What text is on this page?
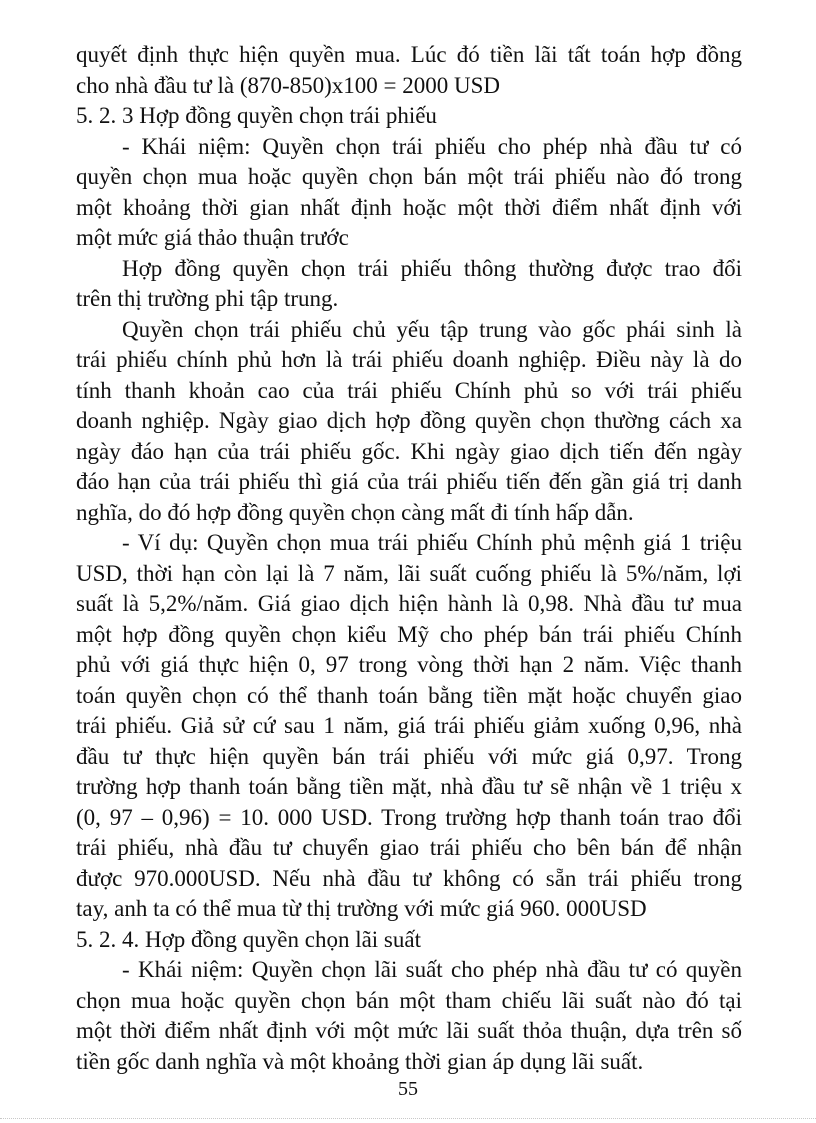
quyết định thực hiện quyền mua. Lúc đó tiền lãi tất toán hợp đồng
cho nhà đầu tư là (870-850)x100 = 2000 USD
5. 2. 3 Hợp đồng quyền chọn trái phiếu
- Khái niệm: Quyền chọn trái phiếu cho phép nhà đầu tư có
quyền chọn mua hoặc quyền chọn bán một trái phiếu nào đó trong
một khoảng thời gian nhất định hoặc một thời điểm nhất định với
một mức giá thảo thuận trước
Hợp đồng quyền chọn trái phiếu thông thường được trao đổi
trên thị trường phi tập trung.
Quyền chọn trái phiếu chủ yếu tập trung vào gốc phái sinh là
trái phiếu chính phủ hơn là trái phiếu doanh nghiệp. Điều này là do
tính thanh khoản cao của trái phiếu Chính phủ so với trái phiếu
doanh nghiệp. Ngày giao dịch hợp đồng quyền chọn thường cách xa
ngày đáo hạn của trái phiếu gốc. Khi ngày giao dịch tiến đến ngày
đáo hạn của trái phiếu thì giá của trái phiếu tiến đến gần giá trị danh
nghĩa, do đó hợp đồng quyền chọn càng mất đi tính hấp dẫn.
- Ví dụ: Quyền chọn mua trái phiếu Chính phủ mệnh giá 1 triệu
USD, thời hạn còn lại là 7 năm, lãi suất cuống phiếu là 5%/năm, lợi
suất là 5,2%/năm. Giá giao dịch hiện hành là 0,98. Nhà đầu tư mua
một hợp đồng quyền chọn kiểu Mỹ cho phép bán trái phiếu Chính
phủ với giá thực hiện 0, 97 trong vòng thời hạn 2 năm. Việc thanh
toán quyền chọn có thể thanh toán bằng tiền mặt hoặc chuyển giao
trái phiếu. Giả sử cứ sau 1 năm, giá trái phiếu giảm xuống 0,96, nhà
đầu tư thực hiện quyền bán trái phiếu với mức giá 0,97. Trong
trường hợp thanh toán bằng tiền mặt, nhà đầu tư sẽ nhận về 1 triệu x
(0, 97 – 0,96) = 10. 000 USD. Trong trường hợp thanh toán trao đổi
trái phiếu, nhà đầu tư chuyển giao trái phiếu cho bên bán để nhận
được 970.000USD. Nếu nhà đầu tư không có sẵn trái phiếu trong
tay, anh ta có thể mua từ thị trường với mức giá 960. 000USD
5. 2. 4. Hợp đồng quyền chọn lãi suất
- Khái niệm: Quyền chọn lãi suất cho phép nhà đầu tư có quyền
chọn mua hoặc quyền chọn bán một tham chiếu lãi suất nào đó tại
một thời điểm nhất định với một mức lãi suất thỏa thuận, dựa trên số
tiền gốc danh nghĩa và một khoảng thời gian áp dụng lãi suất.
55
